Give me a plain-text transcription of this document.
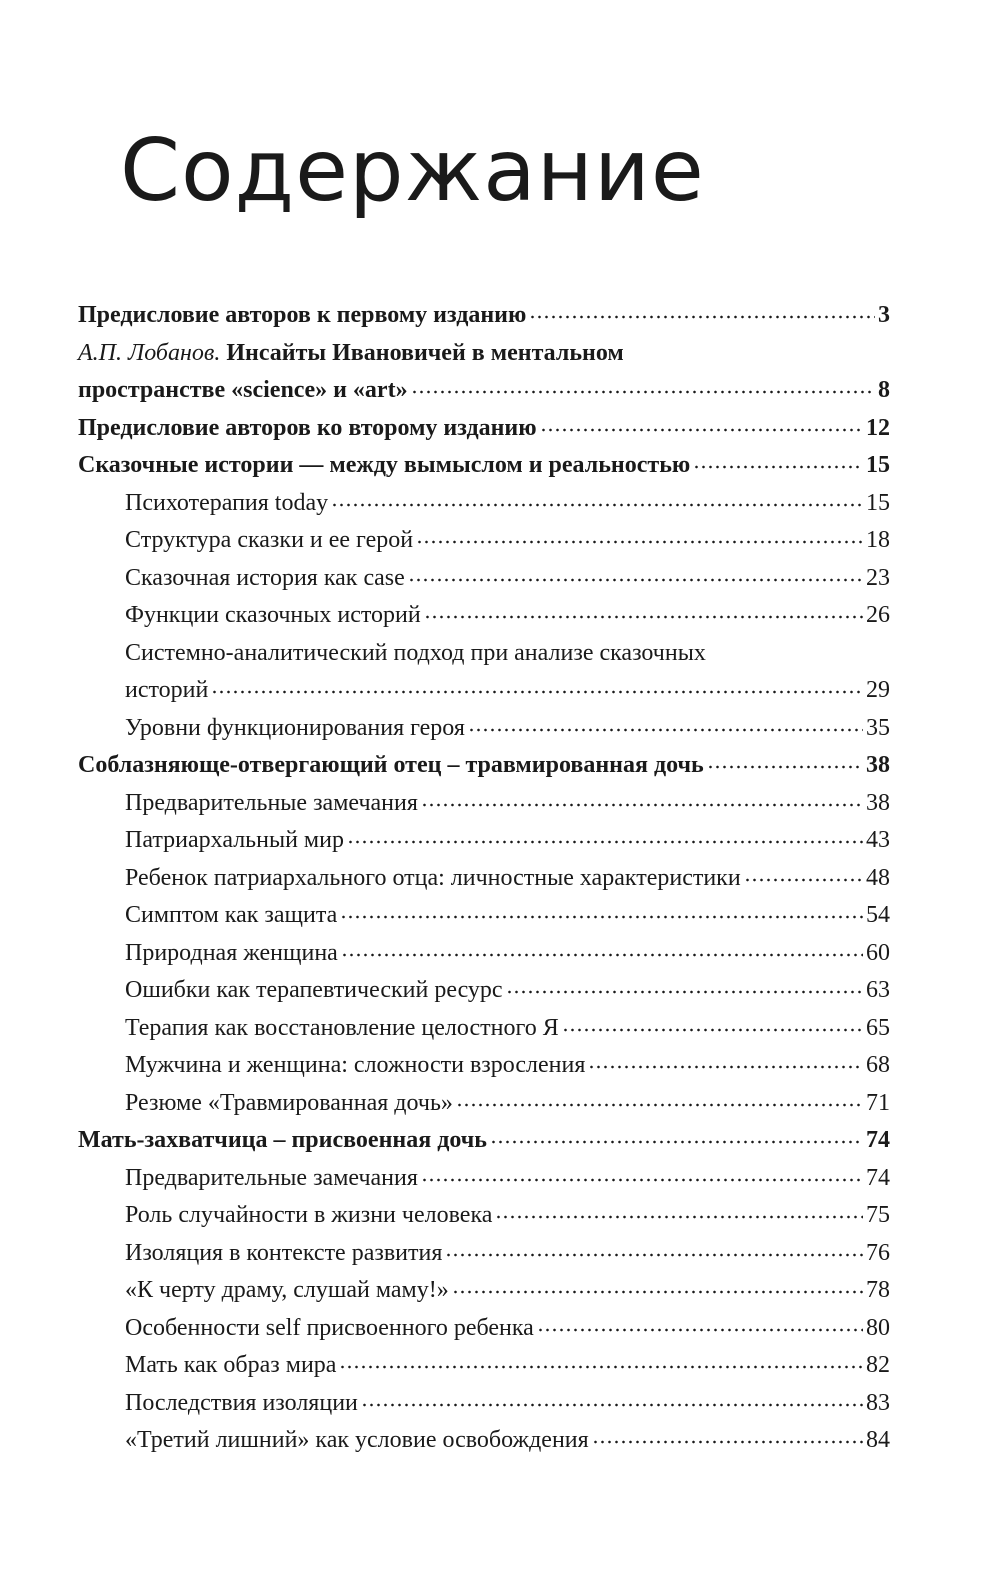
Содержание
Предисловие авторов к первому изданию	3
А.П. Лобанов.
Инсайты Ивановичей в ментальном
пространстве «science» и «art»	8
Предисловие авторов ко второму изданию	12
Сказочные истории — между вымыслом и реальностью	15
Психотерапия today	15
Структура сказки и ее герой	18
Сказочная история как case	23
Функции сказочных историй	26
Системно-аналитический подход при анализе сказочных
историй	29
Уровни функционирования героя	35
Соблазняюще-отвергающий отец – травмированная дочь	38
Предварительные замечания	38
Патриархальный мир	43
Ребенок патриархального отца: личностные характеристики	48
Симптом как защита	54
Природная женщина	60
Ошибки как терапевтический ресурс	63
Терапия как восстановление целостного Я	65
Мужчина и женщина: сложности взросления	68
Резюме «Травмированная дочь»	71
Мать-захватчица – присвоенная дочь	74
Предварительные замечания	74
Роль случайности в жизни человека	75
Изоляция в контексте развития	76
«К черту драму, слушай маму!»	78
Особенности self присвоенного ребенка	80
Мать как образ мира	82
Последствия изоляции	83
«Третий лишний» как условие освобождения	84
